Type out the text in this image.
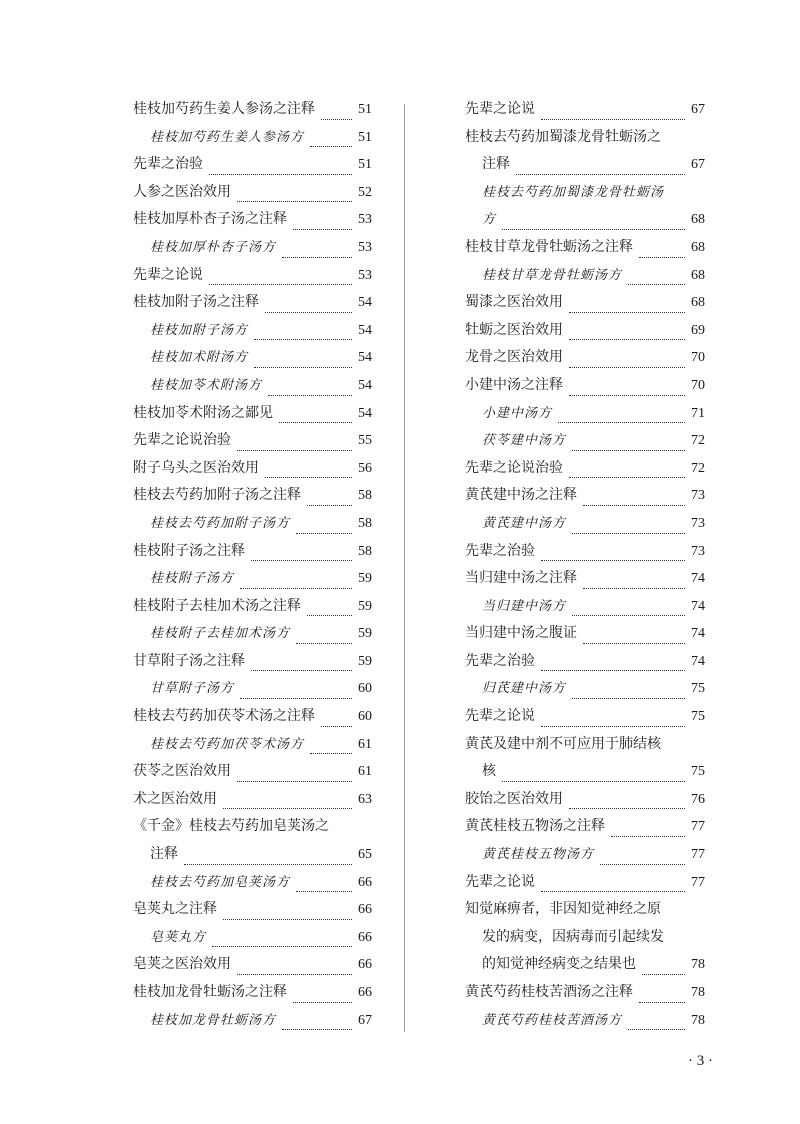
桂枝加芍药生姜人参汤之注释	51
桂枝加芍药生姜人参汤方	51
先辈之治验	51
人参之医治效用	52
桂枝加厚朴杏子汤之注释	53
桂枝加厚朴杏子汤方	53
先辈之论说	53
桂枝加附子汤之注释	54
桂枝加附子汤方	54
桂枝加术附汤方	54
桂枝加苓术附汤方	54
桂枝加苓术附汤之鄙见	54
先辈之论说治验	55
附子乌头之医治效用	56
桂枝去芍药加附子汤之注释	58
桂枝去芍药加附子汤方	58
桂枝附子汤之注释	58
桂枝附子汤方	59
桂枝附子去桂加术汤之注释	59
桂枝附子去桂加术汤方	59
甘草附子汤之注释	59
甘草附子汤方	60
桂枝去芍药加茯苓术汤之注释	60
桂枝去芍药加茯苓术汤方	61
茯苓之医治效用	61
术之医治效用	63
《千金》桂枝去芍药加皂荚汤之
注释	65
桂枝去芍药加皂荚汤方	66
皂荚丸之注释	66
皂荚丸方	66
皂荚之医治效用	66
桂枝加龙骨牡蛎汤之注释	66
桂枝加龙骨牡蛎汤方	67
先辈之论说	67
桂枝去芍药加蜀漆龙骨牡蛎汤之
注释	67
桂枝去芍药加蜀漆龙骨牡蛎汤
方	68
桂枝甘草龙骨牡蛎汤之注释	68
桂枝甘草龙骨牡蛎汤方	68
蜀漆之医治效用	68
牡蛎之医治效用	69
龙骨之医治效用	70
小建中汤之注释	70
小建中汤方	71
茯苓建中汤方	72
先辈之论说治验	72
黄芪建中汤之注释	73
黄芪建中汤方	73
先辈之治验	73
当归建中汤之注释	74
当归建中汤方	74
当归建中汤之腹证	74
先辈之治验	74
归芪建中汤方	75
先辈之论说	75
黄芪及建中剂不可应用于肺结核
核	75
胶饴之医治效用	76
黄芪桂枝五物汤之注释	77
黄芪桂枝五物汤方	77
先辈之论说	77
知觉麻痹者，非因知觉神经之原
发的病变，因病毒而引起续发
的知觉神经病变之结果也	78
黄芪芍药桂枝苦酒汤之注释	78
黄芪芍药桂枝苦酒汤方	78
· 3 ·
